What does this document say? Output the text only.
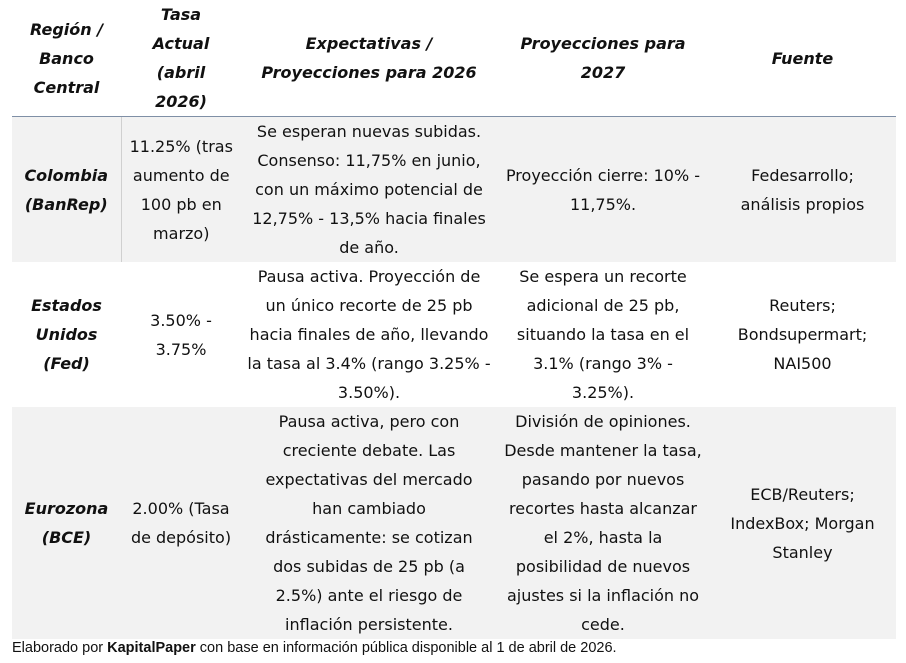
Región / Banco Central	Tasa Actual (abril 2026)	Expectativas / Proyecciones para 2026	Proyecciones para 2027	Fuente
Colombia (BanRep)	11.25% (tras aumento de 100 pb en marzo)	Se esperan nuevas subidas. Consenso: 11,75% en junio, con un máximo potencial de 12,75% - 13,5% hacia finales de año.	Proyección cierre: 10% - 11,75%.	Fedesarrollo; análisis propios
Estados Unidos (Fed)	3.50% - 3.75%	Pausa activa. Proyección de un único recorte de 25 pb hacia finales de año, llevando la tasa al 3.4% (rango 3.25% - 3.50%).	Se espera un recorte adicional de 25 pb, situando la tasa en el 3.1% (rango 3% - 3.25%).	Reuters; Bondsupermart; NAI500
Eurozona (BCE)	2.00% (Tasa de depósito)	Pausa activa, pero con creciente debate. Las expectativas del mercado han cambiado drásticamente: se cotizan dos subidas de 25 pb (a 2.5%) ante el riesgo de inflación persistente.	División de opiniones. Desde mantener la tasa, pasando por nuevos recortes hasta alcanzar el 2%, hasta la posibilidad de nuevos ajustes si la inflación no cede.	ECB/Reuters; IndexBox; Morgan Stanley
Elaborado por KapitalPaper con base en información pública disponible al 1 de abril de 2026.
